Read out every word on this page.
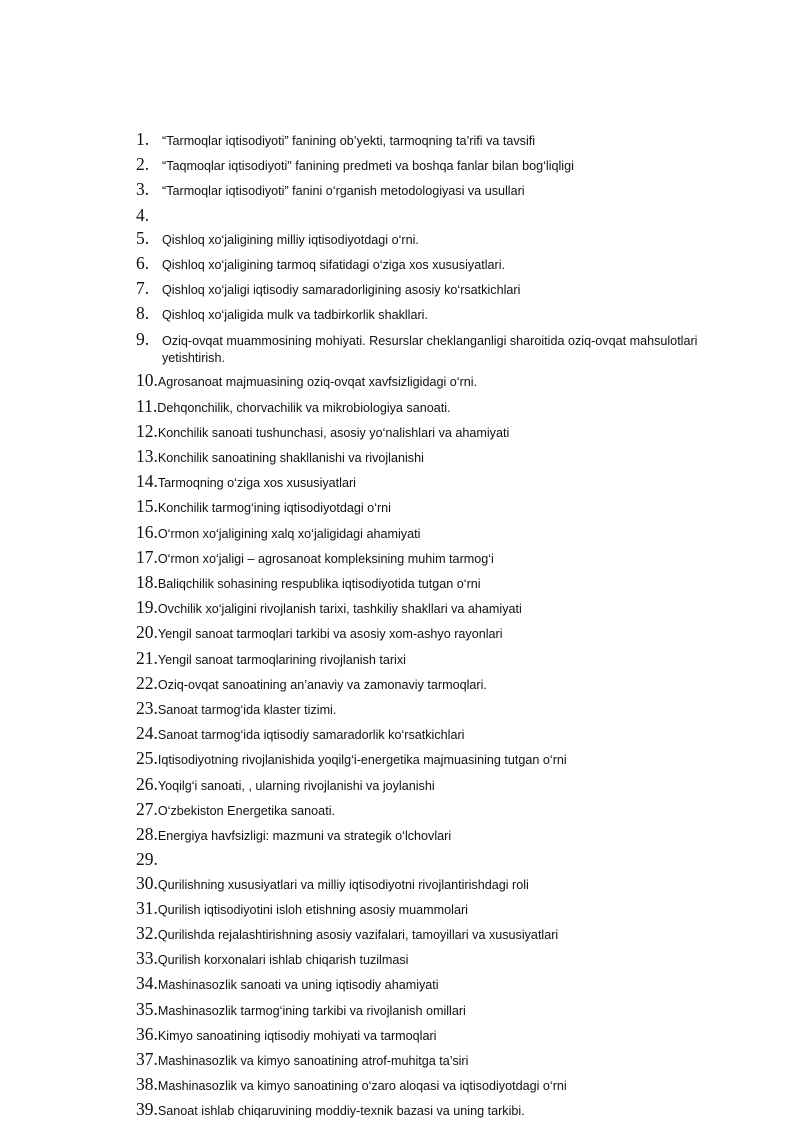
1.	“Tarmoqlar iqtisodiyoti” fanining ob’yekti, tarmoqning ta’rifi va tavsifi
2.	“Taqmoqlar iqtisodiyoti" fanining predmeti va boshqa fanlar bilan bog‘liqligi
3.	“Tarmoqlar iqtisodiyoti” fanini o‘rganish metodologiyasi va usullari
4.
5.	Qishloq xo‘jaligining milliy iqtisodiyotdagi o‘rni.
6.	Qishloq xo‘jaligining tarmoq sifatidagi o‘ziga xos xususiyatlari.
7.	Qishloq xo‘jaligi iqtisodiy samaradorligining asosiy ko‘rsatkichlari
8.	Qishloq xo‘jaligida mulk va tadbirkorlik shakllari.
9.	Oziq-ovqat muammosining mohiyati. Resurslar cheklanganligi sharoitida oziq-ovqat mahsulotlari yetishtirish.
10. Agrosanoat majmuasining oziq-ovqat xavfsizligidagi o‘rni.
11. Dehqonchilik, chorvachilik va mikrobiologiya sanoati.
12. Konchilik sanoati tushunchasi, asosiy yo‘nalishlari va ahamiyati
13. Konchilik sanoatining shakllanishi va rivojlanishi
14. Tarmoqning o‘ziga xos xususiyatlari
15. Konchilik tarmog‘ining iqtisodiyotdagi o‘rni
16. O‘rmon xo‘jaligining xalq xo‘jaligidagi ahamiyati
17. O‘rmon xo‘jaligi – agrosanoat kompleksining muhim tarmog‘i
18. Baliqchilik sohasining respublika iqtisodiyotida tutgan o‘rni
19. Ovchilik xo‘jaligini rivojlanish tarixi, tashkiliy shakllari va ahamiyati
20. Yengil sanoat tarmoqlari tarkibi va asosiy xom-ashyo rayonlari
21. Yengil sanoat tarmoqlarining rivojlanish tarixi
22. Oziq-ovqat sanoatining an’anaviy va zamonaviy tarmoqlari.
23. Sanoat tarmog‘ida klaster tizimi.
24. Sanoat tarmog‘ida iqtisodiy samaradorlik ko‘rsatkichlari
25. Iqtisodiyotning rivojlanishida yoqilg‘i-energetika majmuasining tutgan o‘rni
26. Yoqilg‘i sanoati, , ularning rivojlanishi va joylanishi
27. O‘zbekiston Energetika sanoati.
28. Energiya havfsizligi: mazmuni va strategik o‘lchovlari
29.
30. Qurilishning xususiyatlari va milliy iqtisodiyotni rivojlantirishdagi roli
31. Qurilish iqtisodiyotini isloh etishning asosiy muammolari
32. Qurilishda rejalashtirishning asosiy vazifalari, tamoyillari va xususiyatlari
33. Qurilish korxonalari ishlab chiqarish tuzilmasi
34. Mashinasozlik sanoati va uning iqtisodiy ahamiyati
35. Mashinasozlik tarmog‘ining tarkibi va rivojlanish omillari
36. Kimyo sanoatining iqtisodiy mohiyati va tarmoqlari
37. Mashinasozlik va kimyo sanoatining atrof-muhitga ta’siri
38. Mashinasozlik va kimyo sanoatining o‘zaro aloqasi va iqtisodiyotdagi o‘rni
39. Sanoat ishlab chiqaruvining moddiy-texnik bazasi va uning tarkibi.
